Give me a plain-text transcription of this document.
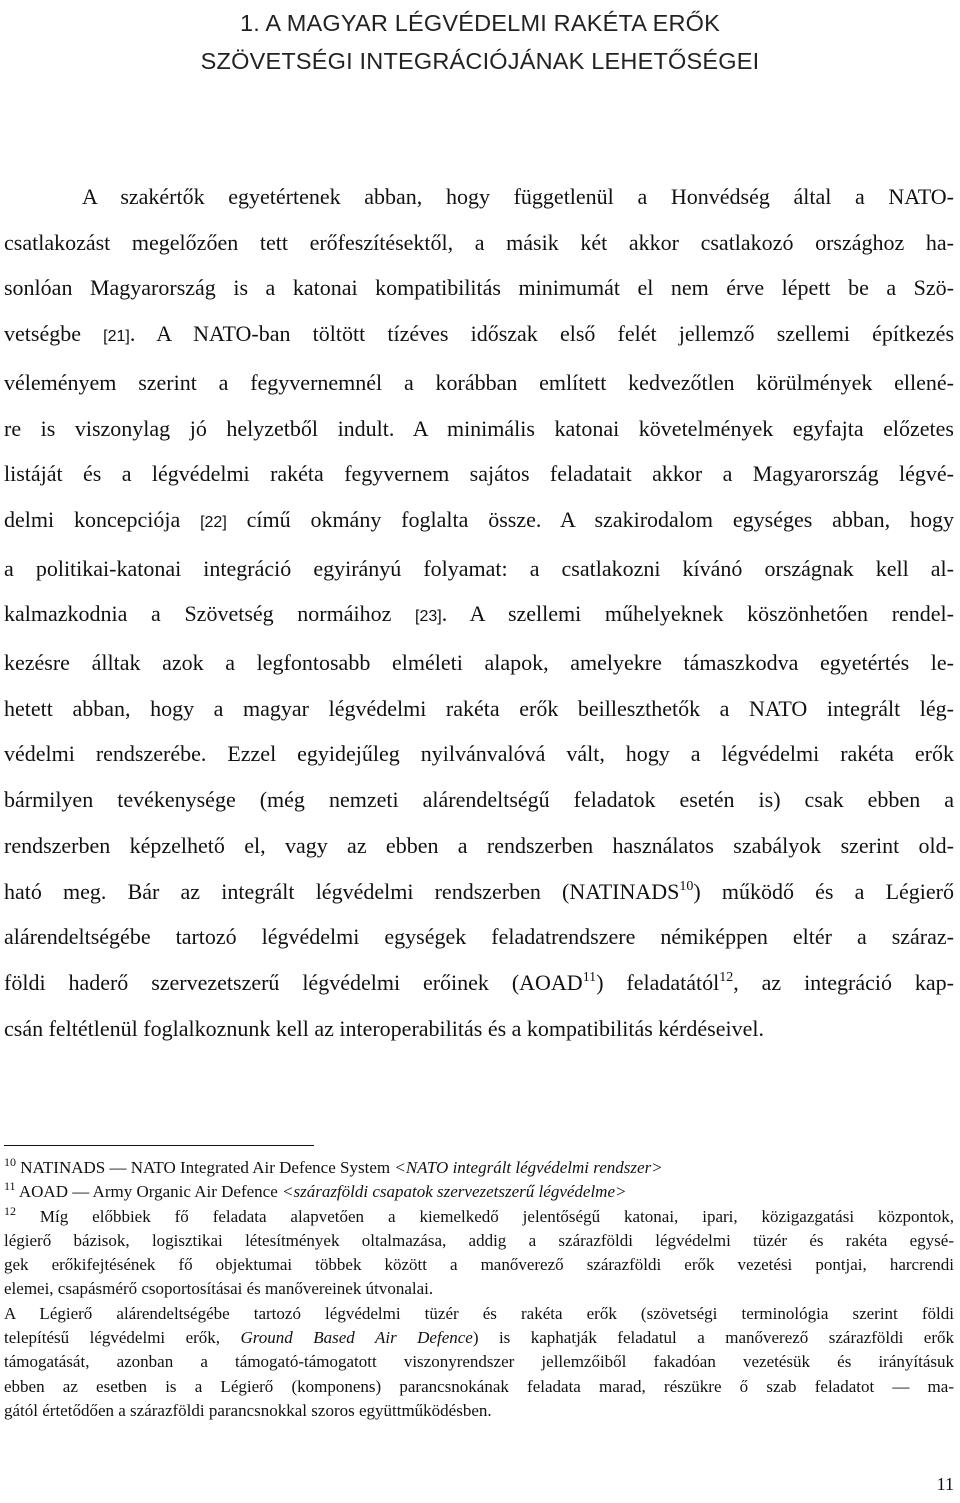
1. A MAGYAR LÉGVÉDELMI RAKÉTA ERŐK
SZÖVETSÉGI INTEGRÁCIÓJÁNAK LEHETŐSÉGEI
A szakértők egyetértenek abban, hogy függetlenül a Honvédség által a NATO-
csatlakozást megelőzően tett erőfeszítésektől, a másik két akkor csatlakozó országhoz ha-
sonlóan Magyarország is a katonai kompatibilitás minimumát el nem érve lépett be a Szö-
vetségbe [21]. A NATO-ban töltött tízéves időszak első felét jellemző szellemi építkezés
véleményem szerint a fegyvernemnél a korábban említett kedvezőtlen körülmények ellené-
re is viszonylag jó helyzetből indult. A minimális katonai követelmények egyfajta előzetes
listáját és a légvédelmi rakéta fegyvernem sajátos feladatait akkor a Magyarország légvé-
delmi koncepciója [22] című okmány foglalta össze. A szakirodalom egységes abban, hogy
a politikai-katonai integráció egyirányú folyamat: a csatlakozni kívánó országnak kell al-
kalmazkodnia a Szövetség normáihoz [23]. A szellemi műhelyeknek köszönhetően rendel-
kezésre álltak azok a legfontosabb elméleti alapok, amelyekre támaszkodva egyetértés le-
hetett abban, hogy a magyar légvédelmi rakéta erők beilleszthetők a NATO integrált lég-
védelmi rendszerébe. Ezzel egyidejűleg nyilvánvalóvá vált, hogy a légvédelmi rakéta erők
bármilyen tevékenysége (még nemzeti alárendeltségű feladatok esetén is) csak ebben a
rendszerben képzelhető el, vagy az ebben a rendszerben használatos szabályok szerint old-
ható meg. Bár az integrált légvédelmi rendszerben (NATINADS$^{10}$) működő és a Légierő
alárendeltségébe tartozó légvédelmi egységek feladatrendszere némiképpen eltér a száraz-
földi haderő szervezetszerű légvédelmi erőinek (AOAD$^{11}$) feladatától$^{12}$, az integráció kap-
csán feltétlenül foglalkoznunk kell az interoperabilitás és a kompatibilitás kérdéseivel.
$^{10}$ NATINADS — NATO Integrated Air Defence System <NATO integrált légvédelmi rendszer>
$^{11}$ AOAD — Army Organic Air Defence <szárazföldi csapatok szervezetszerű légvédelme>
$^{12}$ Míg előbbiek fő feladata alapvetően a kiemelkedő jelentőségű katonai, ipari, közigazgatási központok,
légierő bázisok, logisztikai létesítmények oltalmazása, addig a szárazföldi légvédelmi tüzér és rakéta egysé-
gek erőkifejtésének fő objektumai többek között a manőverező szárazföldi erők vezetési pontjai, harcrendi
elemei, csapásmérő csoportosításai és manővereinek útvonalai.
A Légierő alárendeltségébe tartozó légvédelmi tüzér és rakéta erők (szövetségi terminológia szerint földi
telepítésű légvédelmi erők, Ground Based Air Defence) is kaphatják feladatul a manőverező szárazföldi erők
támogatását, azonban a támogató-támogatott viszonyrendszer jellemzőiből fakadóan vezetésük és irányításuk
ebben az esetben is a Légierő (komponens) parancsnokának feladata marad, részükre ő szab feladatot — ma-
gától értetődően a szárazföldi parancsnokkal szoros együttműködésben.
11
